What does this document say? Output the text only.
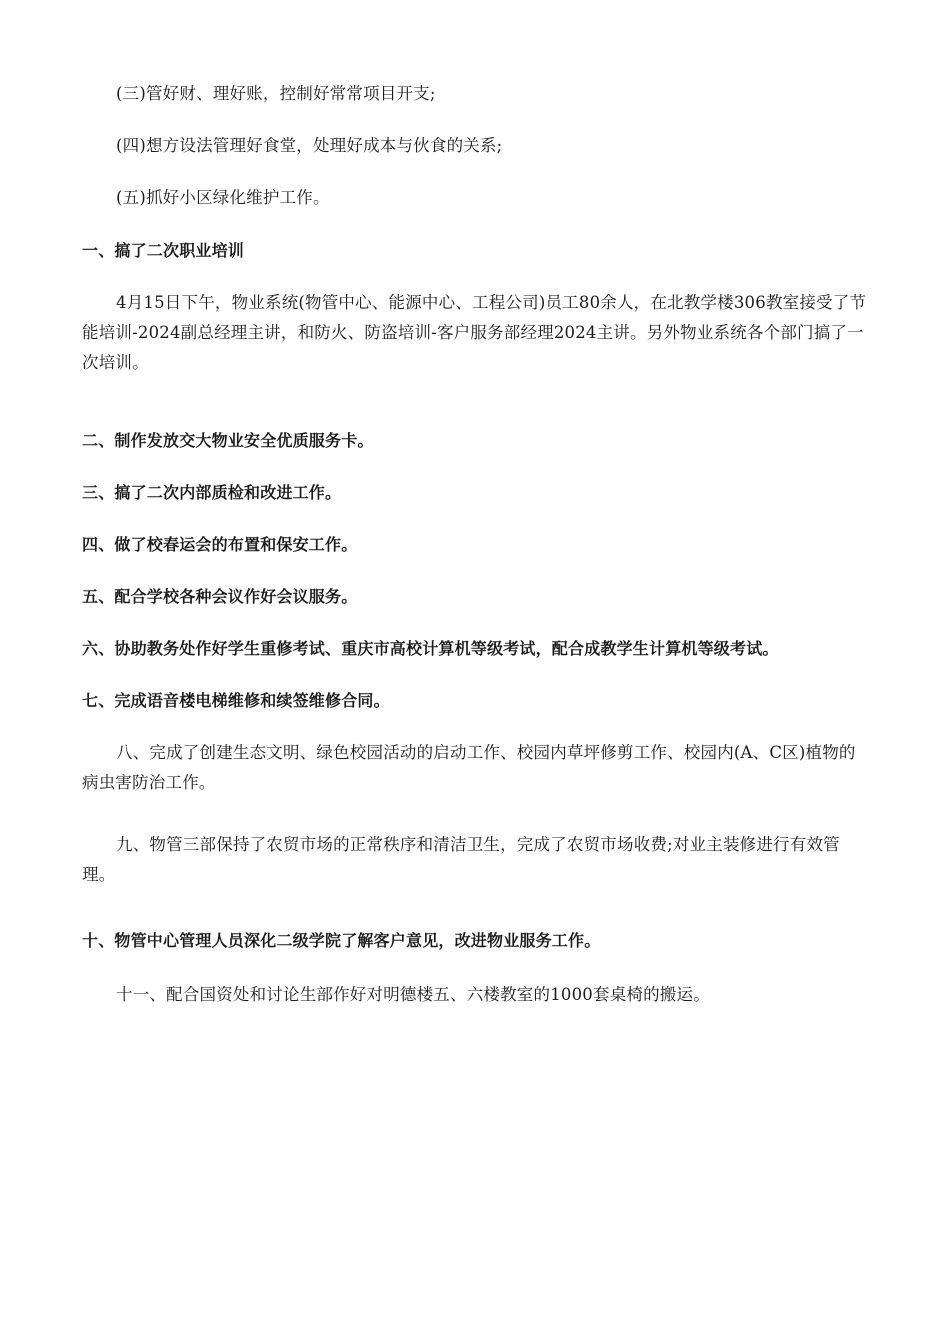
(三)管好财、理好账，控制好常常项目开支;

(四)想方设法管理好食堂，处理好成本与伙食的关系;

(五)抓好小区绿化维护工作。

一、搞了二次职业培训

4月15日下午，物业系统(物管中心、能源中心、工程公司)员工80余人，在北教学楼306教室接受了节能培训-2024副总经理主讲，和防火、防盗培训-客户服务部经理2024主讲。另外物业系统各个部门搞了一次培训。

二、制作发放交大物业安全优质服务卡。

三、搞了二次内部质检和改进工作。

四、做了校春运会的布置和保安工作。

五、配合学校各种会议作好会议服务。

六、协助教务处作好学生重修考试、重庆市高校计算机等级考试，配合成教学生计算机等级考试。

七、完成语音楼电梯维修和续签维修合同。

八、完成了创建生态文明、绿色校园活动的启动工作、校园内草坪修剪工作、校园内(A、C区)植物的病虫害防治工作。

九、物管三部保持了农贸市场的正常秩序和清洁卫生，完成了农贸市场收费;对业主装修进行有效管理。

十、物管中心管理人员深化二级学院了解客户意见，改进物业服务工作。

十一、配合国资处和讨论生部作好对明德楼五、六楼教室的1000套桌椅的搬运。
